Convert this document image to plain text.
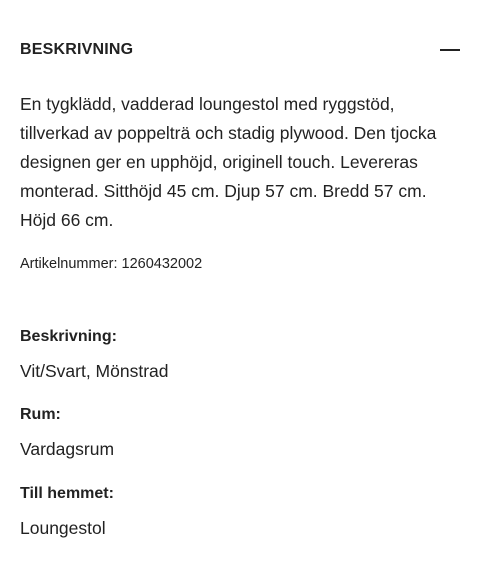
BESKRIVNING

En tygklädd, vadderad loungestol med ryggstöd, tillverkad av poppelträ och stadig plywood. Den tjocka designen ger en upphöjd, originell touch. Levereras monterad. Sitthöjd 45 cm. Djup 57 cm. Bredd 57 cm. Höjd 66 cm.

Artikelnummer: 1260432002
Beskrivning:
Vit/Svart, Mönstrad
Rum:
Vardagsrum
Till hemmet:
Loungestol
